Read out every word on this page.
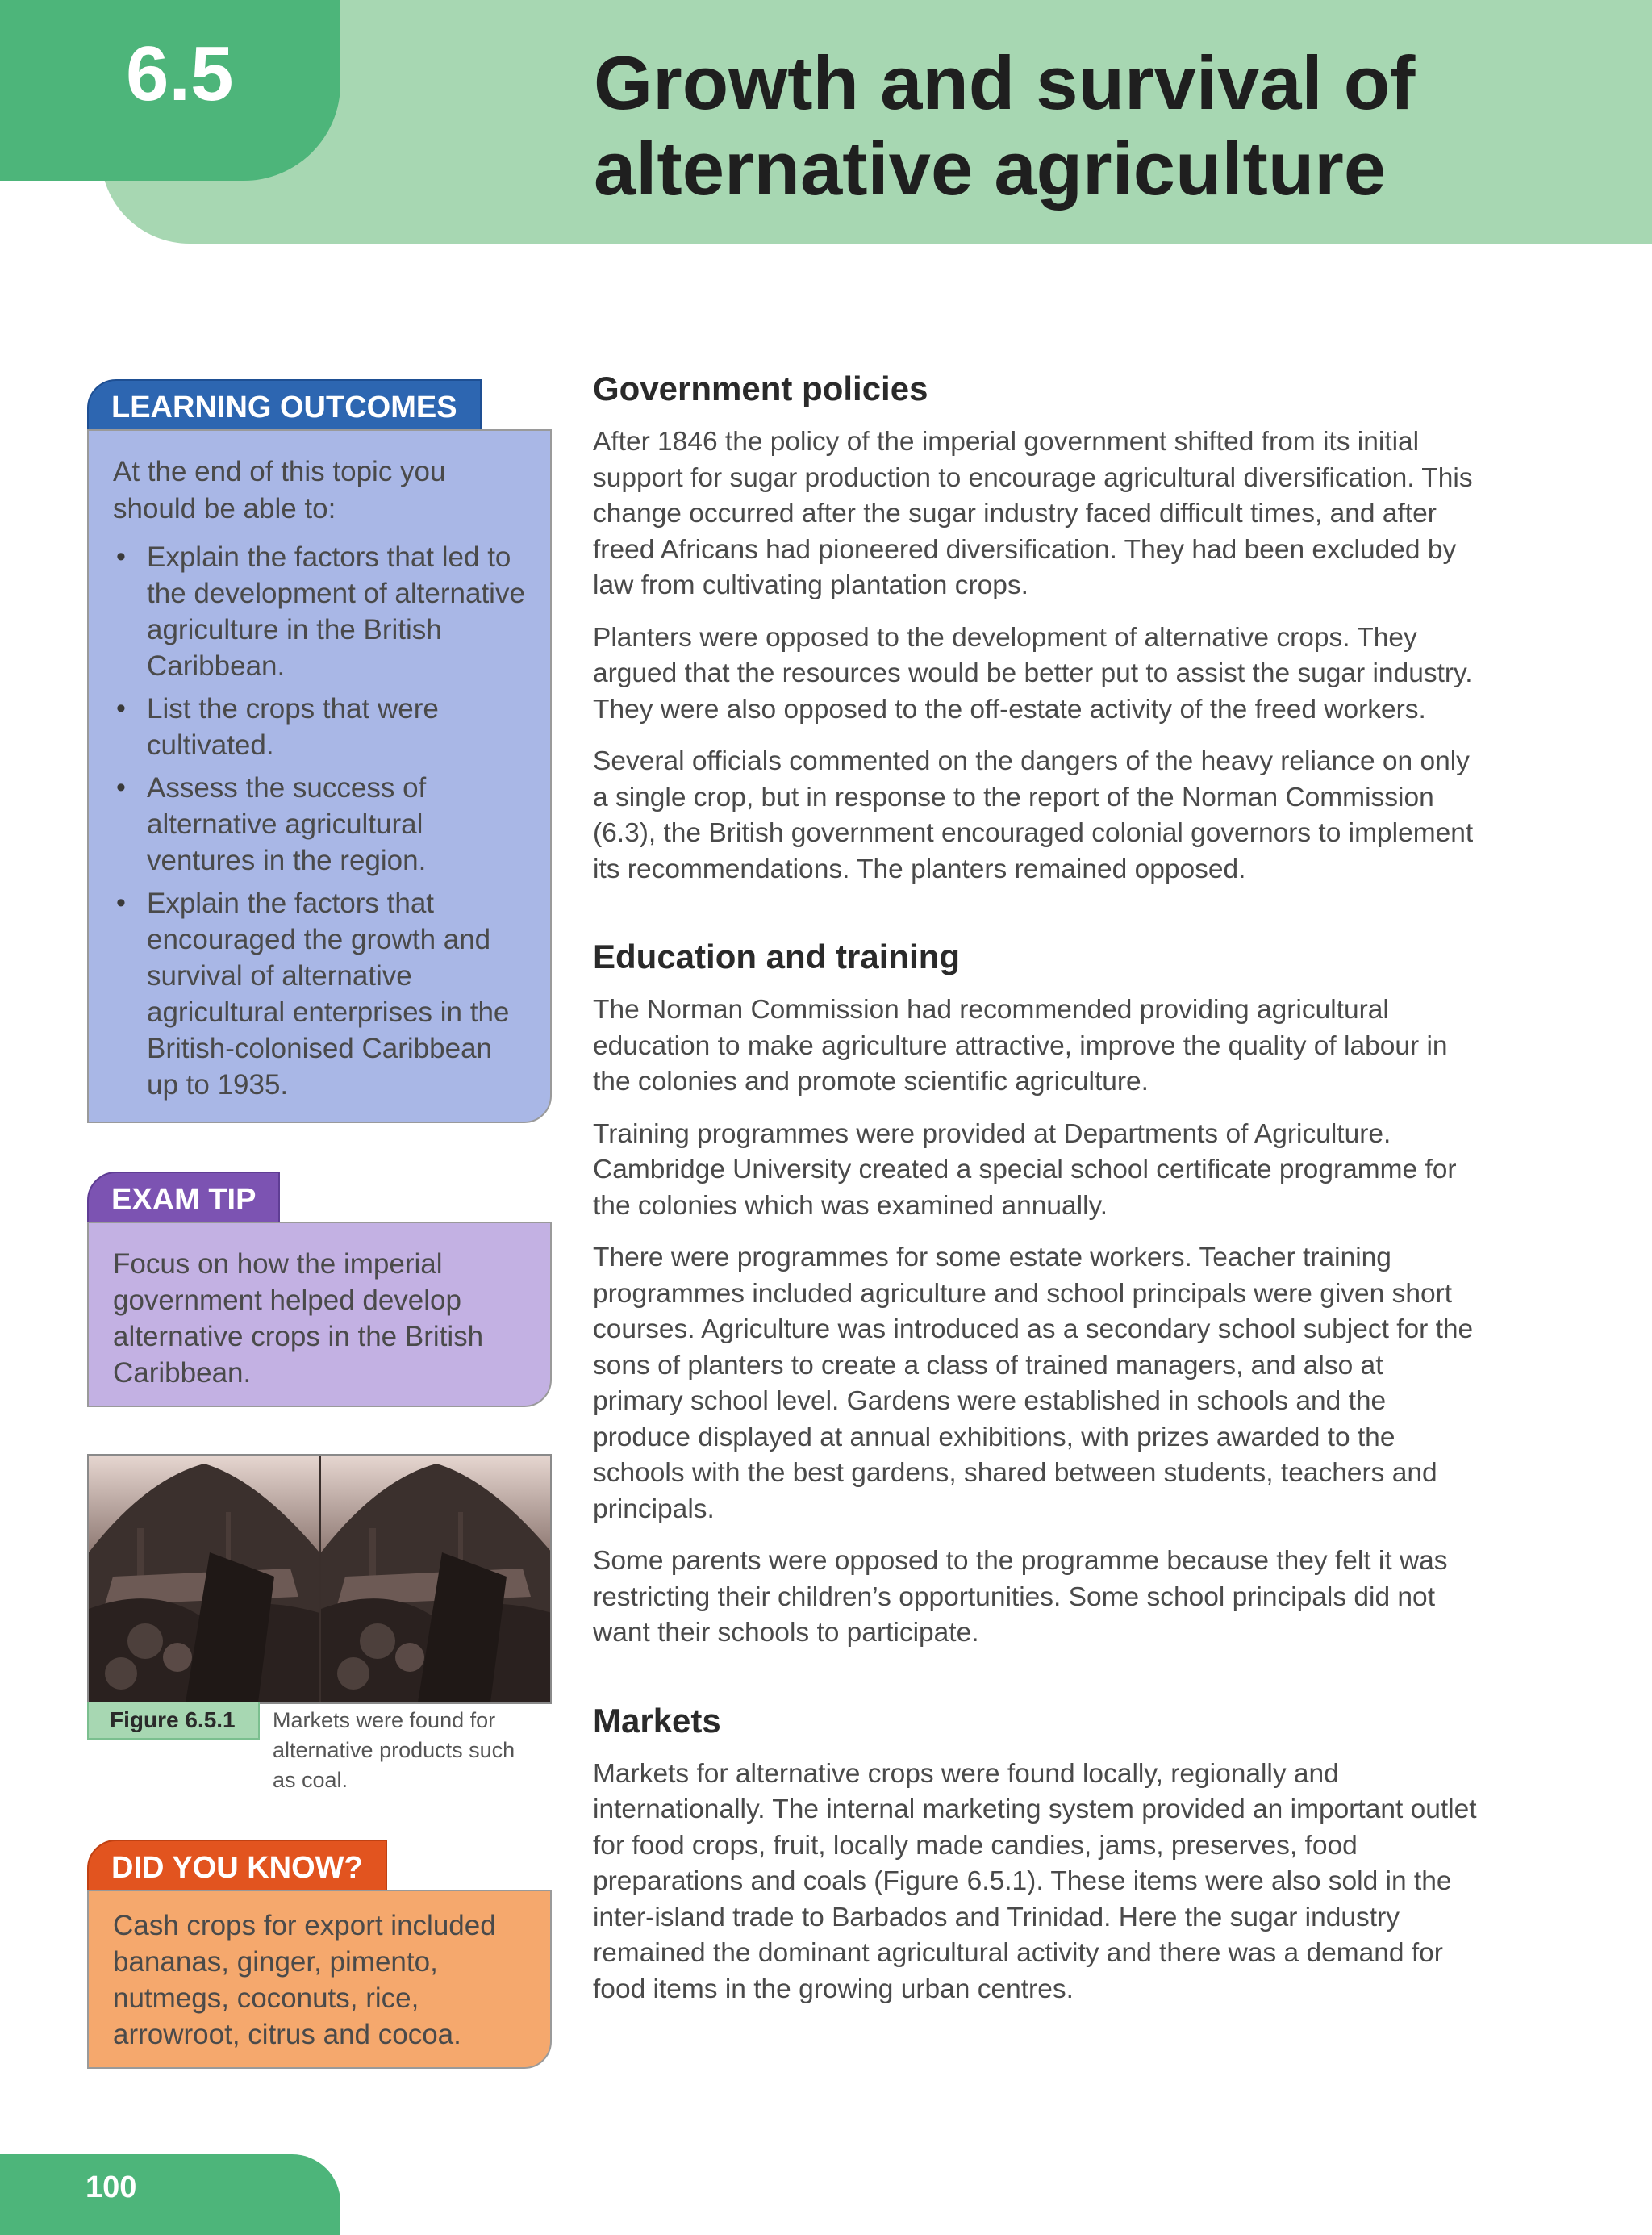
6.5	Growth and survival of alternative agriculture
LEARNING OUTCOMES

At the end of this topic you should be able to:

• Explain the factors that led to the development of alternative agriculture in the British Caribbean.
• List the crops that were cultivated.
• Assess the success of alternative agricultural ventures in the region.
• Explain the factors that encouraged the growth and survival of alternative agricultural enterprises in the British-colonised Caribbean up to 1935.
EXAM TIP

Focus on how the imperial government helped develop alternative crops in the British Caribbean.

Figure 6.5.1	Markets were found for alternative products such as coal.

DID YOU KNOW?

Cash crops for export included bananas, ginger, pimento, nutmegs, coconuts, rice, arrowroot, citrus and cocoa.

Government policies

After 1846 the policy of the imperial government shifted from its initial support for sugar production to encourage agricultural diversification. This change occurred after the sugar industry faced difficult times, and after freed Africans had pioneered diversification. They had been excluded by law from cultivating plantation crops.

Planters were opposed to the development of alternative crops. They argued that the resources would be better put to assist the sugar industry. They were also opposed to the off-estate activity of the freed workers.

Several officials commented on the dangers of the heavy reliance on only a single crop, but in response to the report of the Norman Commission (6.3), the British government encouraged colonial governors to implement its recommendations. The planters remained opposed.

Education and training

The Norman Commission had recommended providing agricultural education to make agriculture attractive, improve the quality of labour in the colonies and promote scientific agriculture.

Training programmes were provided at Departments of Agriculture. Cambridge University created a special school certificate programme for the colonies which was examined annually.

There were programmes for some estate workers. Teacher training programmes included agriculture and school principals were given short courses. Agriculture was introduced as a secondary school subject for the sons of planters to create a class of trained managers, and also at primary school level. Gardens were established in schools and the produce displayed at annual exhibitions, with prizes awarded to the schools with the best gardens, shared between students, teachers and principals.

Some parents were opposed to the programme because they felt it was restricting their children’s opportunities. Some school principals did not want their schools to participate.

Markets

Markets for alternative crops were found locally, regionally and internationally. The internal marketing system provided an important outlet for food crops, fruit, locally made candies, jams, preserves, food preparations and coals (Figure 6.5.1). These items were also sold in the inter-island trade to Barbados and Trinidad. Here the sugar industry remained the dominant agricultural activity and there was a demand for food items in the growing urban centres.

100
